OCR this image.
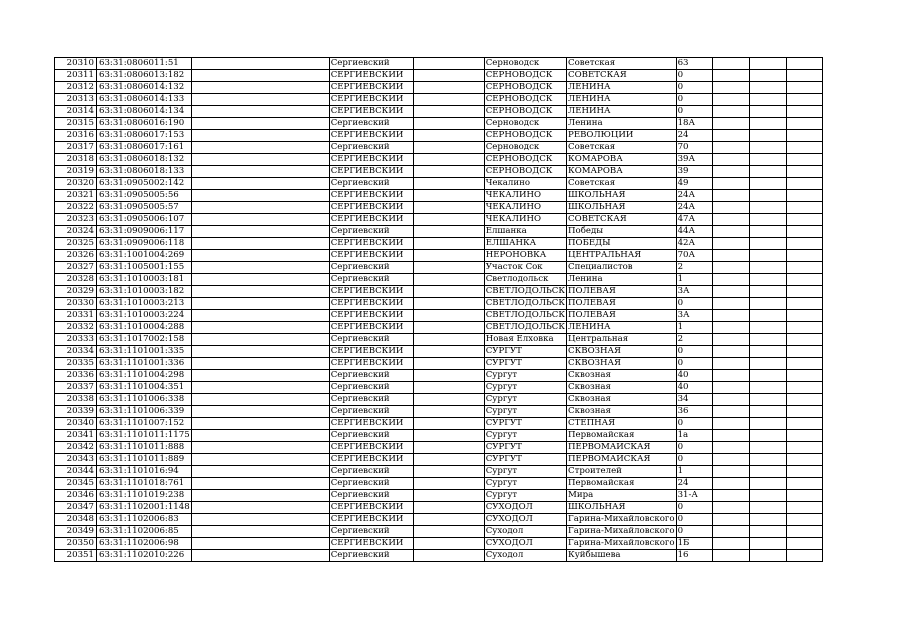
20310	63:31:0806011:51		Сергиевский		Серноводск	Советская	63			
20311	63:31:0806013:182		СЕРГИЕВСКИЙ		СЕРНОВОДСК	СОВЕТСКАЯ	0			
20312	63:31:0806014:132		СЕРГИЕВСКИЙ		СЕРНОВОДСК	ЛЕНИНА	0			
20313	63:31:0806014:133		СЕРГИЕВСКИЙ		СЕРНОВОДСК	ЛЕНИНА	0			
20314	63:31:0806014:134		СЕРГИЕВСКИЙ		СЕРНОВОДСК	ЛЕНИНА	0			
20315	63:31:0806016:190		Сергиевский		Серноводск	Ленина	18А			
20316	63:31:0806017:153		СЕРГИЕВСКИЙ		СЕРНОВОДСК	РЕВОЛЮЦИИ	24			
20317	63:31:0806017:161		Сергиевский		Серноводск	Советская	70			
20318	63:31:0806018:132		СЕРГИЕВСКИЙ		СЕРНОВОДСК	КОМАРОВА	39А			
20319	63:31:0806018:133		СЕРГИЕВСКИЙ		СЕРНОВОДСК	КОМАРОВА	39			
20320	63:31:0905002:142		Сергиевский		Чекалино	Советская	49			
20321	63:31:0905005:56		СЕРГИЕВСКИЙ		ЧЕКАЛИНО	ШКОЛЬНАЯ	24А			
20322	63:31:0905005:57		СЕРГИЕВСКИЙ		ЧЕКАЛИНО	ШКОЛЬНАЯ	24А			
20323	63:31:0905006:107		СЕРГИЕВСКИЙ		ЧЕКАЛИНО	СОВЕТСКАЯ	47А			
20324	63:31:0909006:117		Сергиевский		Елшанка	Победы	44А			
20325	63:31:0909006:118		СЕРГИЕВСКИЙ		ЕЛШАНКА	ПОБЕДЫ	42А			
20326	63:31:1001004:269		СЕРГИЕВСКИЙ		НЕРОНОВКА	ЦЕНТРАЛЬНАЯ	70А			
20327	63:31:1005001:155		Сергиевский		Участок Сок	Специалистов	2			
20328	63:31:1010003:181		Сергиевский		Светлодольск	Ленина	1			
20329	63:31:1010003:182		СЕРГИЕВСКИЙ		СВЕТЛОДОЛЬСК	ПОЛЕВАЯ	3А			
20330	63:31:1010003:213		СЕРГИЕВСКИЙ		СВЕТЛОДОЛЬСК	ПОЛЕВАЯ	0			
20331	63:31:1010003:224		СЕРГИЕВСКИЙ		СВЕТЛОДОЛЬСК	ПОЛЕВАЯ	3А			
20332	63:31:1010004:288		СЕРГИЕВСКИЙ		СВЕТЛОДОЛЬСК	ЛЕНИНА	1			
20333	63:31:1017002:158		Сергиевский		Новая Елховка	Центральная	2			
20334	63:31:1101001:335		СЕРГИЕВСКИЙ		СУРГУТ	СКВОЗНАЯ	0			
20335	63:31:1101001:336		СЕРГИЕВСКИЙ		СУРГУТ	СКВОЗНАЯ	0			
20336	63:31:1101004:298		Сергиевский		Сургут	Сквозная	40			
20337	63:31:1101004:351		Сергиевский		Сургут	Сквозная	40			
20338	63:31:1101006:338		Сергиевский		Сургут	Сквозная	34			
20339	63:31:1101006:339		Сергиевский		Сургут	Сквозная	36			
20340	63:31:1101007:152		СЕРГИЕВСКИЙ		СУРГУТ	СТЕПНАЯ	0			
20341	63:31:1101011:1175		Сергиевский		Сургут	Первомайская	1а			
20342	63:31:1101011:888		СЕРГИЕВСКИЙ		СУРГУТ	ПЕРВОМАЙСКАЯ	0			
20343	63:31:1101011:889		СЕРГИЕВСКИЙ		СУРГУТ	ПЕРВОМАЙСКАЯ	0			
20344	63:31:1101016:94		Сергиевский		Сургут	Строителей	1			
20345	63:31:1101018:761		Сергиевский		Сургут	Первомайская	24			
20346	63:31:1101019:238		Сергиевский		Сургут	Мира	31-А			
20347	63:31:1102001:1148		СЕРГИЕВСКИЙ		СУХОДОЛ	ШКОЛЬНАЯ	0			
20348	63:31:1102006:83		СЕРГИЕВСКИЙ		СУХОДОЛ	Гарина-Михайловского	0			
20349	63:31:1102006:85		Сергиевский		Суходол	Гарина-Михайловского	0			
20350	63:31:1102006:98		СЕРГИЕВСКИЙ		СУХОДОЛ	Гарина-Михайловского	1Б			
20351	63:31:1102010:226		Сергиевский		Суходол	Куйбышева	16			
